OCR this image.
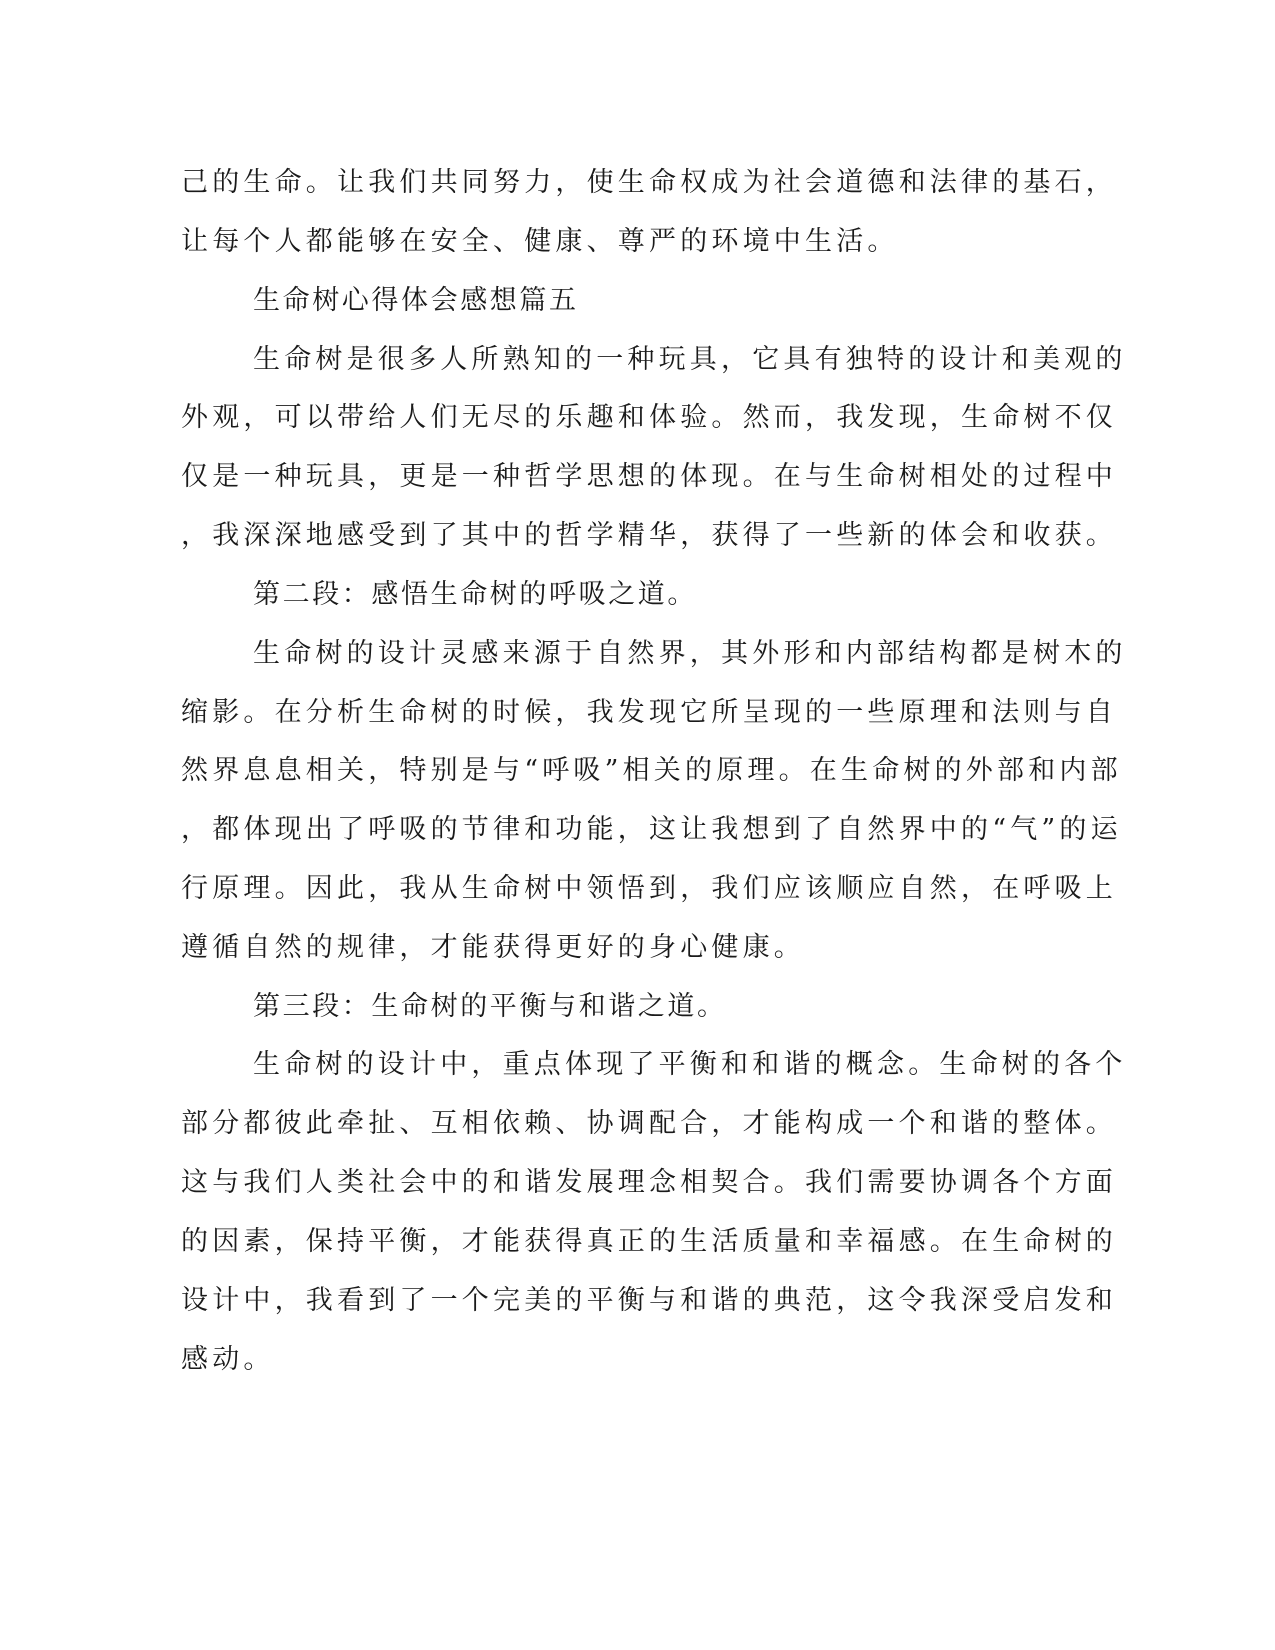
己的生命。让我们共同努力，使生命权成为社会道德和法律的基石，
让每个人都能够在安全、健康、尊严的环境中生活。
生命树心得体会感想篇五
生命树是很多人所熟知的一种玩具，它具有独特的设计和美观的
外观，可以带给人们无尽的乐趣和体验。然而，我发现，生命树不仅
仅是一种玩具，更是一种哲学思想的体现。在与生命树相处的过程中
，我深深地感受到了其中的哲学精华，获得了一些新的体会和收获。
第二段：感悟生命树的呼吸之道。
生命树的设计灵感来源于自然界，其外形和内部结构都是树木的
缩影。在分析生命树的时候，我发现它所呈现的一些原理和法则与自
然界息息相关，特别是与“呼吸”相关的原理。在生命树的外部和内部
，都体现出了呼吸的节律和功能，这让我想到了自然界中的“气”的运
行原理。因此，我从生命树中领悟到，我们应该顺应自然，在呼吸上
遵循自然的规律，才能获得更好的身心健康。
第三段：生命树的平衡与和谐之道。
生命树的设计中，重点体现了平衡和和谐的概念。生命树的各个
部分都彼此牵扯、互相依赖、协调配合，才能构成一个和谐的整体。
这与我们人类社会中的和谐发展理念相契合。我们需要协调各个方面
的因素，保持平衡，才能获得真正的生活质量和幸福感。在生命树的
设计中，我看到了一个完美的平衡与和谐的典范，这令我深受启发和
感动。
